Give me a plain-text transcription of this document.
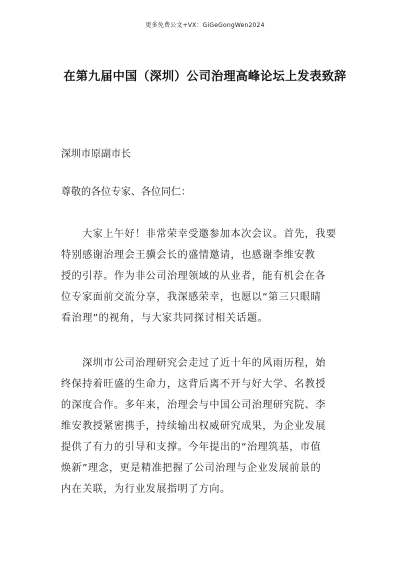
更多免费公文+VX：GiGeGongWen2024
在第九届中国（深圳）公司治理高峰论坛上发表致辞
深圳市原副市长
尊敬的各位专家、各位同仁：

　　大家上午好！非常荣幸受邀参加本次会议。首先，我要

特别感谢治理会王骥会长的盛情邀请，也感谢李维安教

授的引荐。作为非公司治理领域的从业者，能有机会在各

位专家面前交流分享，我深感荣幸，也愿以“第三只眼睛

看治理”的视角，与大家共同探讨相关话题。

　　深圳市公司治理研究会走过了近十年的风雨历程，始

终保持着旺盛的生命力，这背后离不开与好大学、名教授

的深度合作。多年来，治理会与中国公司治理研究院、李

维安教授紧密携手，持续输出权威研究成果，为企业发展

提供了有力的引导和支撑。今年提出的“治理筑基，市值

焕新”理念，更是精准把握了公司治理与企业发展前景的

内在关联，为行业发展指明了方向。
